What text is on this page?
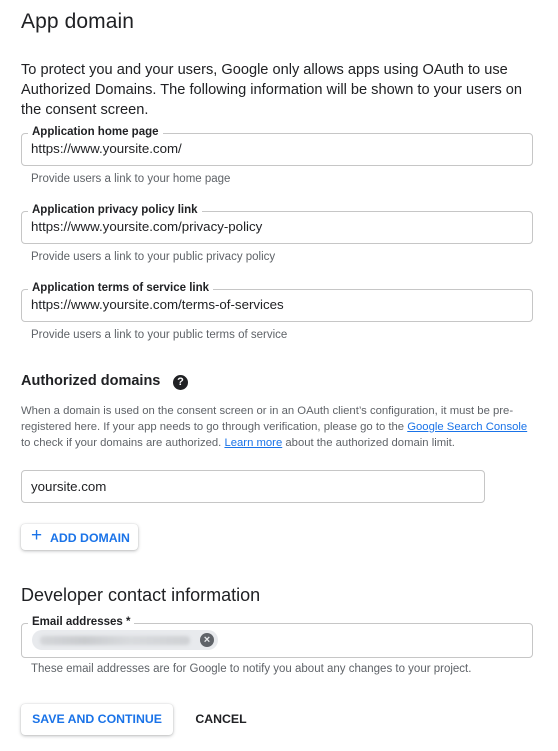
App domain
To protect you and your users, Google only allows apps using OAuth to use Authorized Domains. The following information will be shown to your users on the consent screen.
Application home page
https://www.yoursite.com/
Provide users a link to your home page
Application privacy policy link
https://www.yoursite.com/privacy-policy
Provide users a link to your public privacy policy
Application terms of service link
https://www.yoursite.com/terms-of-services
Provide users a link to your public terms of service
Authorized domains	?
When a domain is used on the consent screen or in an OAuth client’s configuration, it must be pre-registered here. If your app needs to go through verification, please go to the Google Search Console to check if your domains are authorized. Learn more about the authorized domain limit.
yoursite.com
+ ADD DOMAIN
Developer contact information
Email addresses *
×
These email addresses are for Google to notify you about any changes to your project.
SAVE AND CONTINUE	CANCEL
